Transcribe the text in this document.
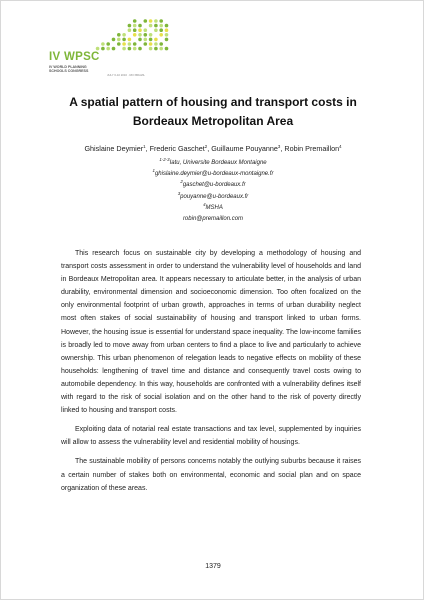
IV WPSC
IV WORLD PLANNING
SCHOOLS CONGRESS
JULY 6-10 2016 · RIO BRAZIL
A spatial pattern of housing and transport costs in
Bordeaux Metropolitan Area
Ghislaine Deymier$^1$, Frederic Gaschet$^2$, Guillaume Pouyanne$^3$, Robin Premaillon$^4$
$^{1-2-3}$Iatu, Universite Bordeaux Montaigne
$^1$ghislaine.deymier@u-bordeaux-montaigne.fr
$^2$gaschet@u-bordeaux.fr
$^3$pouyanne@u-bordeaux.fr
$^4$MSHA
robin@premaillon.com

This research focus on sustainable city by developing a methodology of housing and transport costs assessment in order to understand the vulnerability level of households and land in Bordeaux Metropolitan area. It appears necessary to articulate better, in the analysis of urban durability, environmental dimension and socioeconomic dimension. Too often focalized on the only environmental footprint of urban growth, approaches in terms of urban durability neglect most often stakes of social sustainability of housing and transport linked to urban forms. However, the housing issue is essential for understand space inequality. The low-income families is broadly led to move away from urban centers to find a place to live and particularly to achieve ownership. This urban phenomenon of relegation leads to negative effects on mobility of these households: lengthening of travel time and distance and consequently travel costs owing to automobile dependency. In this way, households are confronted with a vulnerability defines itself with regard to the risk of social isolation and on the other hand to the risk of poverty directly linked to housing and transport costs.

Exploiting data of notarial real estate transactions and tax level, supplemented by inquiries will allow to assess the vulnerability level and residential mobility of housings.

The sustainable mobility of persons concerns notably the outlying suburbs because it raises a certain number of stakes both on environmental, economic and social plan and on space organization of these areas.

1379
